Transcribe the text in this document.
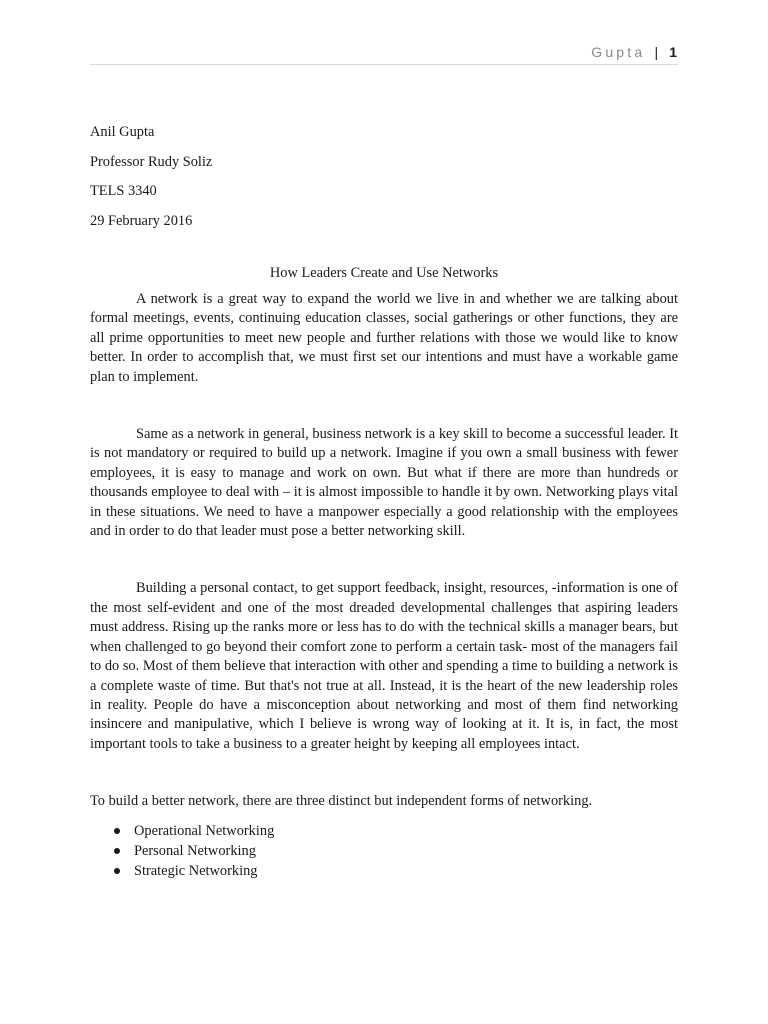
Gupta | 1
Anil Gupta
Professor Rudy Soliz
TELS 3340
29 February 2016
How Leaders Create and Use Networks

A network is a great way to expand the world we live in and whether we are talking about formal meetings, events, continuing education classes, social gatherings or other functions, they are all prime opportunities to meet new people and further relations with those we would like to know better. In order to accomplish that, we must first set our intentions and must have a workable game plan to implement.

Same as a network in general, business network is a key skill to become a successful leader. It is not mandatory or required to build up a network. Imagine if you own a small business with fewer employees, it is easy to manage and work on own. But what if there are more than hundreds or thousands employee to deal with – it is almost impossible to handle it by own. Networking plays vital in these situations. We need to have a manpower especially a good relationship with the employees and in order to do that leader must pose a better networking skill.

Building a personal contact, to get support feedback, insight, resources, -information is one of the most self-evident and one of the most dreaded developmental challenges that aspiring leaders must address. Rising up the ranks more or less has to do with the technical skills a manager bears, but when challenged to go beyond their comfort zone to perform a certain task- most of the managers fail to do so. Most of them believe that interaction with other and spending a time to building a network is a complete waste of time. But that's not true at all. Instead, it is the heart of the new leadership roles in reality. People do have a misconception about networking and most of them find networking insincere and manipulative, which I believe is wrong way of looking at it. It is, in fact, the most important tools to take a business to a greater height by keeping all employees intact.

To build a better network, there are three distinct but independent forms of networking.
Operational Networking
Personal Networking
Strategic Networking
